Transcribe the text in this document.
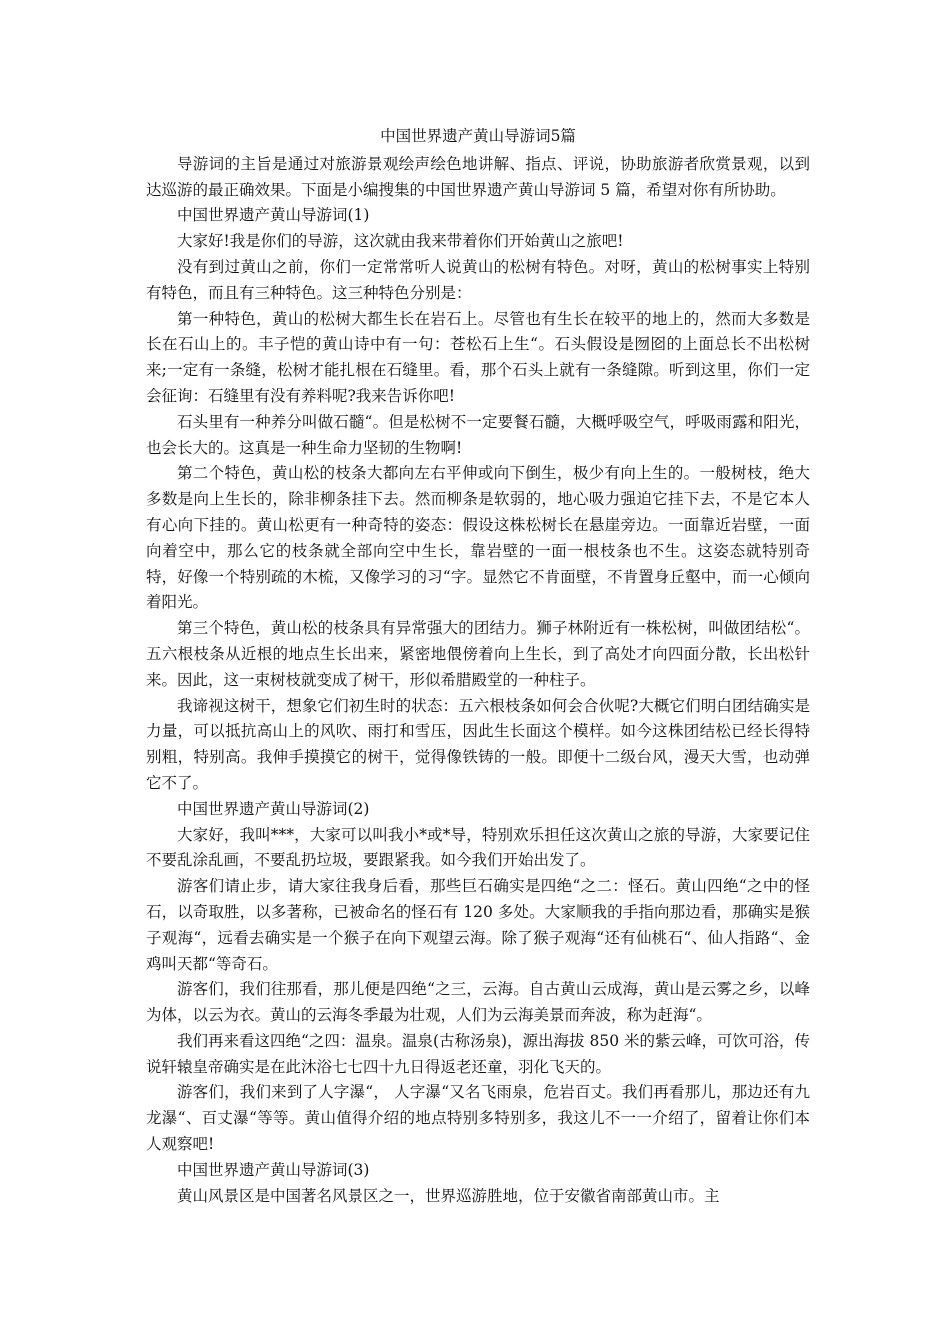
中国世界遗产黄山导游词5篇

导游词的主旨是通过对旅游景观绘声绘色地讲解、指点、评说，协助旅游者欣赏景观，以到达巡游的最正确效果。下面是小编搜集的中国世界遗产黄山导游词 5 篇，希望对你有所协助。

中国世界遗产黄山导游词(1)

大家好!我是你们的导游，这次就由我来带着你们开始黄山之旅吧!

没有到过黄山之前，你们一定常常听人说黄山的松树有特色。对呀，黄山的松树事实上特别有特色，而且有三种特色。这三种特色分别是：

第一种特色，黄山的松树大都生长在岩石上。尽管也有生长在较平的地上的，然而大多数是长在石山上的。丰子恺的黄山诗中有一句：苍松石上生“。石头假设是囫囵的上面总长不出松树来;一定有一条缝，松树才能扎根在石缝里。看，那个石头上就有一条缝隙。听到这里，你们一定会征询：石缝里有没有养料呢?我来告诉你吧!

石头里有一种养分叫做石髓“。但是松树不一定要餐石髓，大概呼吸空气，呼吸雨露和阳光，也会长大的。这真是一种生命力坚韧的生物啊!

第二个特色，黄山松的枝条大都向左右平伸或向下倒生，极少有向上生的。一般树枝，绝大多数是向上生长的，除非柳条挂下去。然而柳条是软弱的，地心吸力强迫它挂下去，不是它本人有心向下挂的。黄山松更有一种奇特的姿态：假设这株松树长在悬崖旁边。一面靠近岩壁，一面向着空中，那么它的枝条就全部向空中生长，靠岩壁的一面一根枝条也不生。这姿态就特别奇特，好像一个特别疏的木梳，又像学习的习“字。显然它不肯面壁，不肯置身丘壑中，而一心倾向着阳光。

第三个特色，黄山松的枝条具有异常强大的团结力。狮子林附近有一株松树，叫做团结松“。五六根枝条从近根的地点生长出来，紧密地偎傍着向上生长，到了高处才向四面分散，长出松针来。因此，这一束树枝就变成了树干，形似希腊殿堂的一种柱子。

我谛视这树干，想象它们初生时的状态：五六根枝条如何会合伙呢?大概它们明白团结确实是力量，可以抵抗高山上的风吹、雨打和雪压，因此生长面这个模样。如今这株团结松已经长得特别粗，特别高。我伸手摸摸它的树干，觉得像铁铸的一般。即便十二级台风，漫天大雪，也动弹它不了。

中国世界遗产黄山导游词(2)

大家好，我叫***，大家可以叫我小*或*导，特别欢乐担任这次黄山之旅的导游，大家要记住不要乱涂乱画，不要乱扔垃圾，要跟紧我。如今我们开始出发了。

游客们请止步，请大家往我身后看，那些巨石确实是四绝“之二：怪石。黄山四绝“之中的怪石，以奇取胜，以多著称，已被命名的怪石有 120 多处。大家顺我的手指向那边看，那确实是猴子观海“，远看去确实是一个猴子在向下观望云海。除了猴子观海“还有仙桃石“、仙人指路“、金鸡叫天都“等奇石。

游客们，我们往那看，那儿便是四绝“之三，云海。自古黄山云成海，黄山是云雾之乡，以峰为体，以云为衣。黄山的云海冬季最为壮观，人们为云海美景而奔波，称为赶海“。

我们再来看这四绝“之四：温泉。温泉(古称汤泉)，源出海拔 850 米的紫云峰，可饮可浴，传说轩辕皇帝确实是在此沐浴七七四十九日得返老还童，羽化飞天的。

游客们，我们来到了人字瀑“， 人字瀑“又名飞雨泉，危岩百丈。我们再看那儿，那边还有九龙瀑“、百丈瀑“等等。黄山值得介绍的地点特别多特别多，我这儿不一一介绍了，留着让你们本人观察吧!

中国世界遗产黄山导游词(3)

黄山风景区是中国著名风景区之一，世界巡游胜地，位于安徽省南部黄山市。主
